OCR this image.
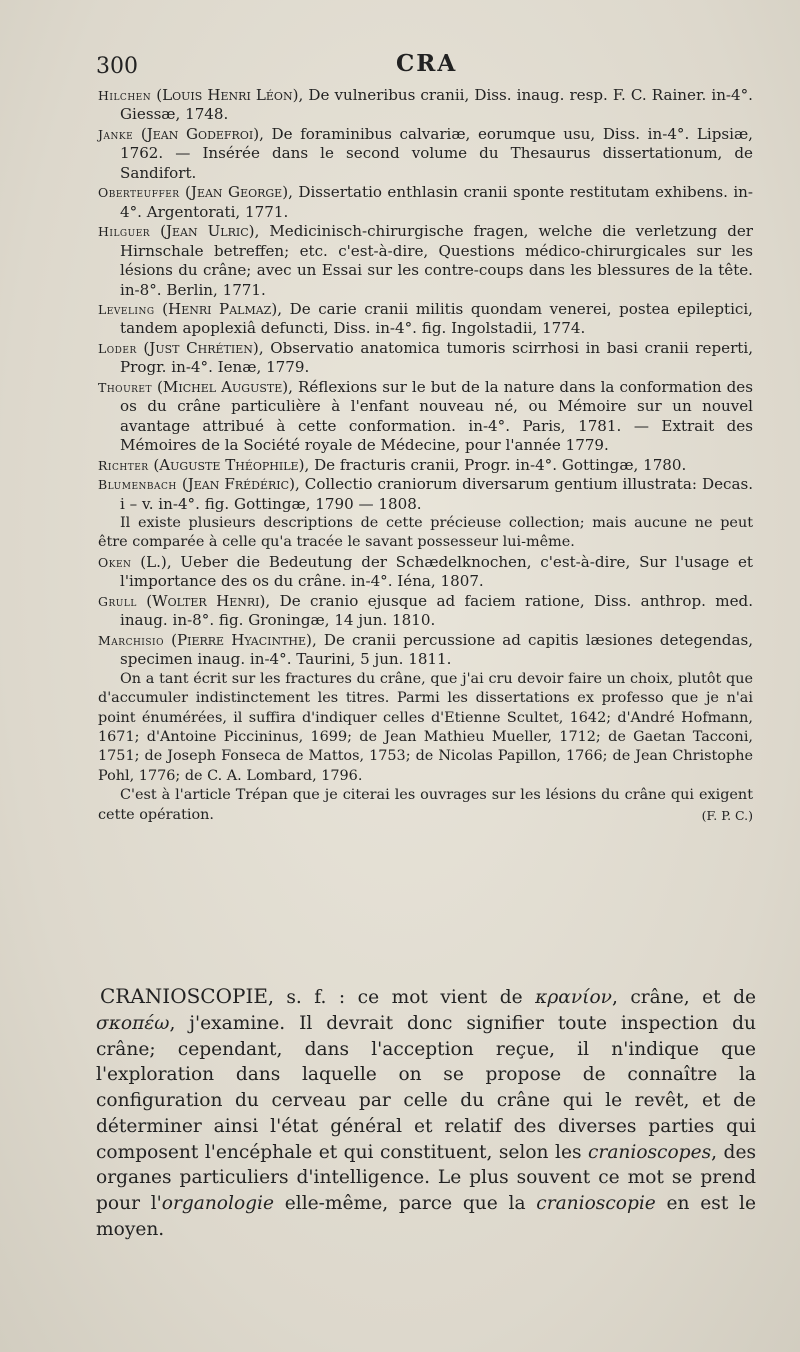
300	CRA

Hilchen (Louis Henri Léon), De vulneribus cranii, Diss. inaug. resp. F. C. Rainer. in-4°. Giessæ, 1748.

Janke (Jean Godefroi), De foraminibus calvariæ, eorumque usu, Diss. in-4°. Lipsiæ, 1762. — Insérée dans le second volume du Thesaurus dissertationum, de Sandifort.

Oberteuffer (Jean George), Dissertatio enthlasin cranii sponte restitutam exhibens. in-4°. Argentorati, 1771.

Hilguer (Jean Ulric), Medicinisch-chirurgische fragen, welche die verletzung der Hirnschale betreffen; etc. c'est-à-dire, Questions médico-chirurgicales sur les lésions du crâne; avec un Essai sur les contre-coups dans les blessures de la tête. in-8°. Berlin, 1771.

Leveling (Henri Palmaz), De carie cranii militis quondam venerei, postea epileptici, tandem apoplexiâ defuncti, Diss. in-4°. fig. Ingolstadii, 1774.

Loder (Just Chrétien), Observatio anatomica tumoris scirrhosi in basi cranii reperti, Progr. in-4°. Ienæ, 1779.

Thouret (Michel Auguste), Réflexions sur le but de la nature dans la conformation des os du crâne particulière à l'enfant nouveau né, ou Mémoire sur un nouvel avantage attribué à cette conformation. in-4°. Paris, 1781. — Extrait des Mémoires de la Société royale de Médecine, pour l'année 1779.

Richter (Auguste Théophile), De fracturis cranii, Progr. in-4°. Gottingæ, 1780.

Blumenbach (Jean Frédéric), Collectio craniorum diversarum gentium illustrata: Decas. i – v. in-4°. fig. Gottingæ, 1790 — 1808.

Il existe plusieurs descriptions de cette précieuse collection; mais aucune ne peut être comparée à celle qu'a tracée le savant possesseur lui-même.

Oken (L.), Ueber die Bedeutung der Schædelknochen, c'est-à-dire, Sur l'usage et l'importance des os du crâne. in-4°. Iéna, 1807.

Grull (Wolter Henri), De cranio ejusque ad faciem ratione, Diss. anthrop. med. inaug. in-8°. fig. Groningæ, 14 jun. 1810.

Marchisio (Pierre Hyacinthe), De cranii percussione ad capitis læsiones detegendas, specimen inaug. in-4°. Taurini, 5 jun. 1811.

On a tant écrit sur les fractures du crâne, que j'ai cru devoir faire un choix, plutôt que d'accumuler indistinctement les titres. Parmi les dissertations ex professo que je n'ai point énumérées, il suffira d'indiquer celles d'Etienne Scultet, 1642; d'André Hofmann, 1671; d'Antoine Piccininus, 1699; de Jean Mathieu Mueller, 1712; de Gaetan Tacconi, 1751; de Joseph Fonseca de Mattos, 1753; de Nicolas Papillon, 1766; de Jean Christophe Pohl, 1776; de C. A. Lombard, 1796.

C'est à l'article Trépan que je citerai les ouvrages sur les lésions du crâne qui exigent cette opération.	(F. P. C.)

CRANIOSCOPIE, s. f. : ce mot vient de κρανίον, crâne, et de σκοπέω, j'examine. Il devrait donc signifier toute inspection du crâne; cependant, dans l'acception reçue, il n'indique que l'exploration dans laquelle on se propose de connaître la configuration du cerveau par celle du crâne qui le revêt, et de déterminer ainsi l'état général et relatif des diverses parties qui composent l'encéphale et qui constituent, selon les cranioscopes, des organes particuliers d'intelligence. Le plus souvent ce mot se prend pour l'organologie elle-même, parce que la cranioscopie en est le moyen.
